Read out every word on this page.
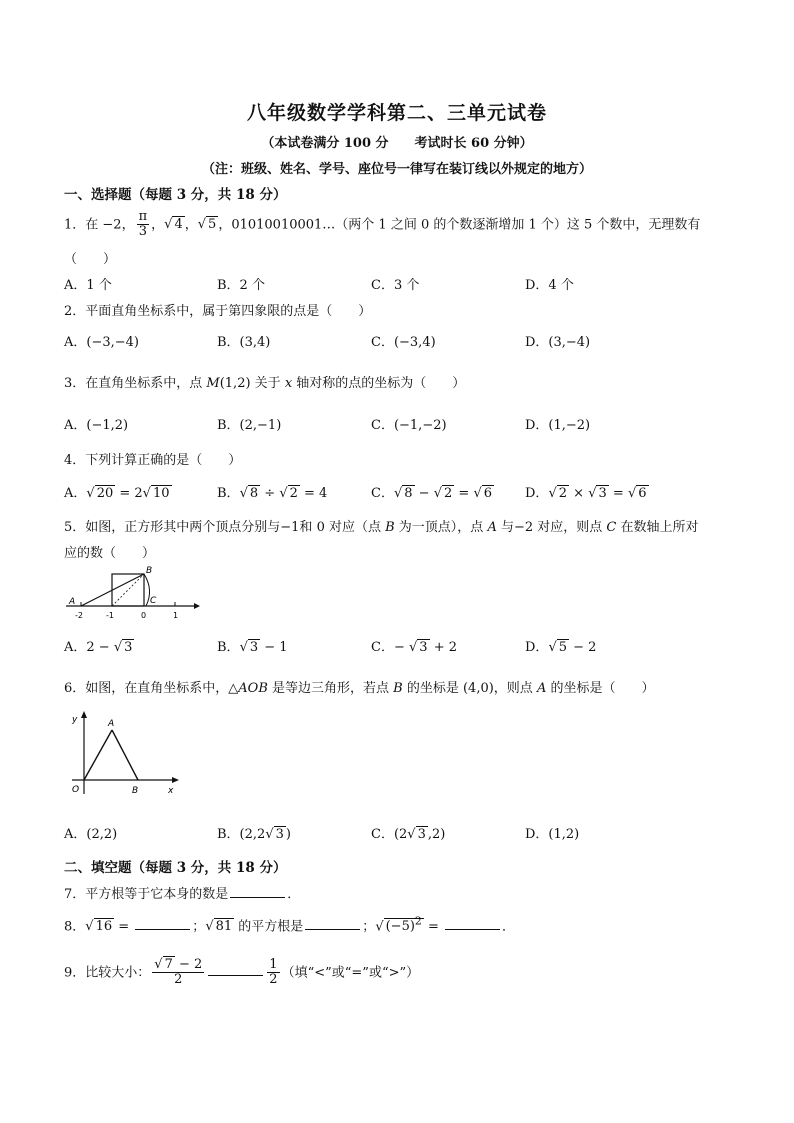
八年级数学学科第二、三单元试卷
（本试卷满分 100 分　　考试时长 60 分钟）
（注：班级、姓名、学号、座位号一律写在装订线以外规定的地方）
一、选择题（每题 3 分，共 18 分）
1．在 −2， $\frac{\pi}{3}$ ，√ 4 ，√ 5 ，01010010001…（两个 1 之间 0 的个数逐渐增加 1 个）这 5 个数中，无理数有
（　　）
A．1 个	B．2 个	C．3 个	D．4 个
2．平面直角坐标系中，属于第四象限的点是（　　）
A．(−3,−4)	B．(3,4)	C．(−3,4)	D．(3,−4)
3．在直角坐标系中，点 M(1,2) 关于 x 轴对称的点的坐标为（　　）
A．(−1,2)	B．(2,−1)	C．(−1,−2)	D．(1,−2)
4．下列计算正确的是（　　）
A．√ 20 = 2√ 10	B．√ 8 ÷ √ 2 = 4	C．√ 8 − √ 2 = √ 6	D．√ 2 × √ 3 = √ 6
5．如图，正方形其中两个顶点分别与−1和 0 对应（点 B 为一顶点），点 A 与−2 对应，则点 C 在数轴上所对
应的数（　　）
A
B
C
-2	-1	0	1
A．2 − √ 3	B．√ 3 − 1	C．− √ 3 + 2	D．√ 5 − 2
6．如图，在直角坐标系中，△AOB 是等边三角形，若点 B 的坐标是 (4,0)，则点 A 的坐标是（　　）
y	A
O	B	x
A．(2,2)	B．(2,2√ 3 )	C．(2√ 3 ,2)	D．(1,2)
二、填空题（每题 3 分，共 18 分）
7．平方根等于它本身的数是	．
8．√ 16 =	；√ 81 的平方根是	；√ $(-5)^2$ =	．
9．比较大小： $\frac{√ 7 - 2}{2}$	$\frac{1}{2}$ （填“<”或“=”或“>”）
